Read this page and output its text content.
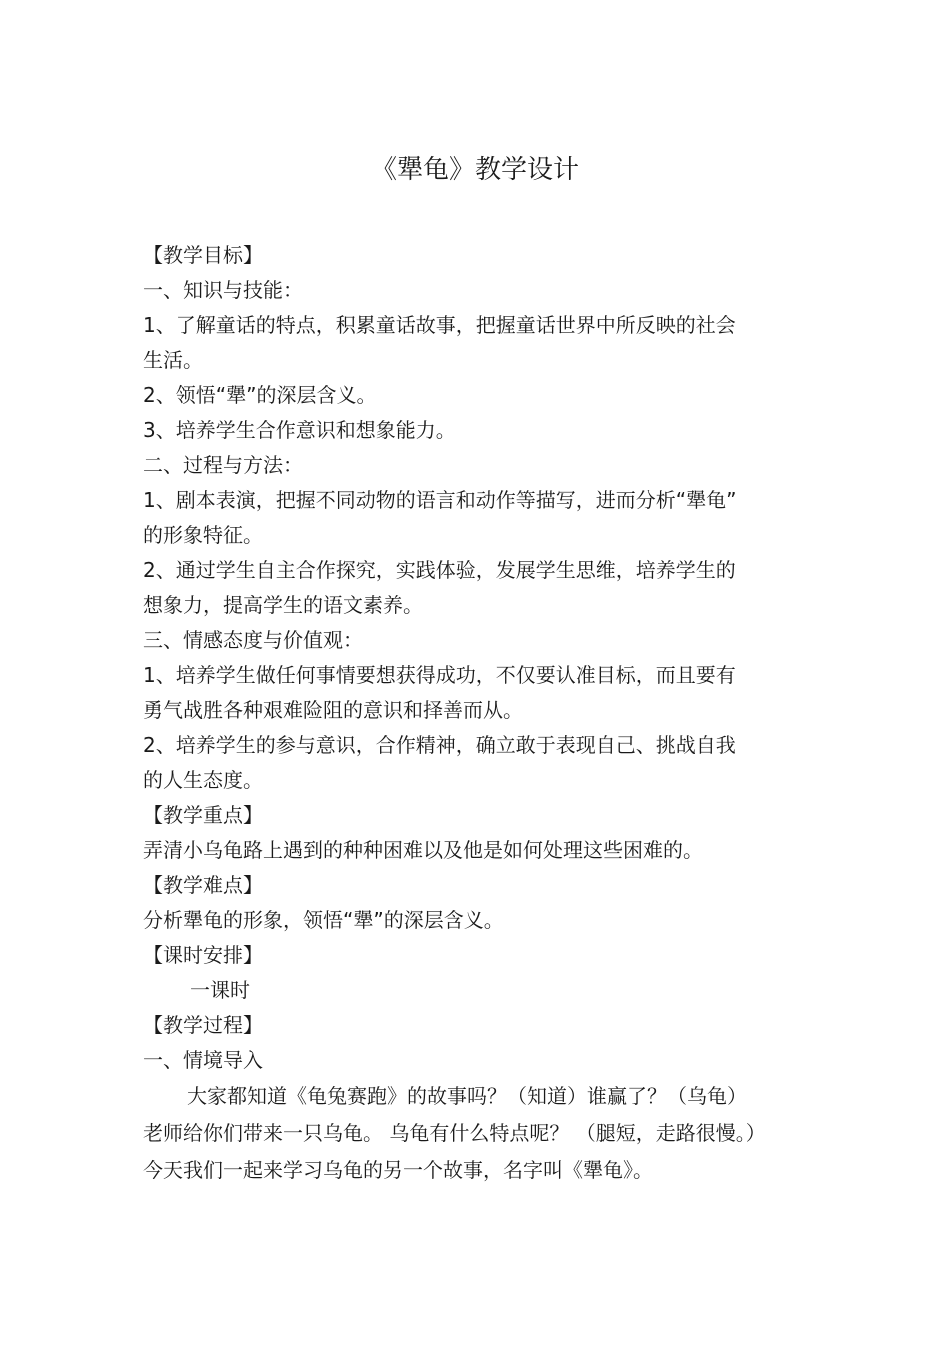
《犟龟》教学设计
【教学目标】
一、知识与技能：
1、了解童话的特点，积累童话故事，把握童话世界中所反映的社会
生活。
2、领悟“犟”的深层含义。
3、培养学生合作意识和想象能力。
二、过程与方法：
1、剧本表演，把握不同动物的语言和动作等描写，进而分析“犟龟”
的形象特征。
2、通过学生自主合作探究，实践体验，发展学生思维，培养学生的
想象力，提高学生的语文素养。
三、情感态度与价值观：
1、培养学生做任何事情要想获得成功，不仅要认准目标，而且要有
勇气战胜各种艰难险阻的意识和择善而从。
2、培养学生的参与意识，合作精神，确立敢于表现自己、挑战自我
的人生态度。
【教学重点】
弄清小乌龟路上遇到的种种困难以及他是如何处理这些困难的。
【教学难点】
分析犟龟的形象，领悟“犟”的深层含义。
【课时安排】
一课时
【教学过程】
一、情境导入
大家都知道《龟兔赛跑》的故事吗？（知道）谁赢了？（乌龟）
老师给你们带来一只乌龟。 乌龟有什么特点呢？ （腿短，走路很慢。）
今天我们一起来学习乌龟的另一个故事，名字叫《犟龟》。
